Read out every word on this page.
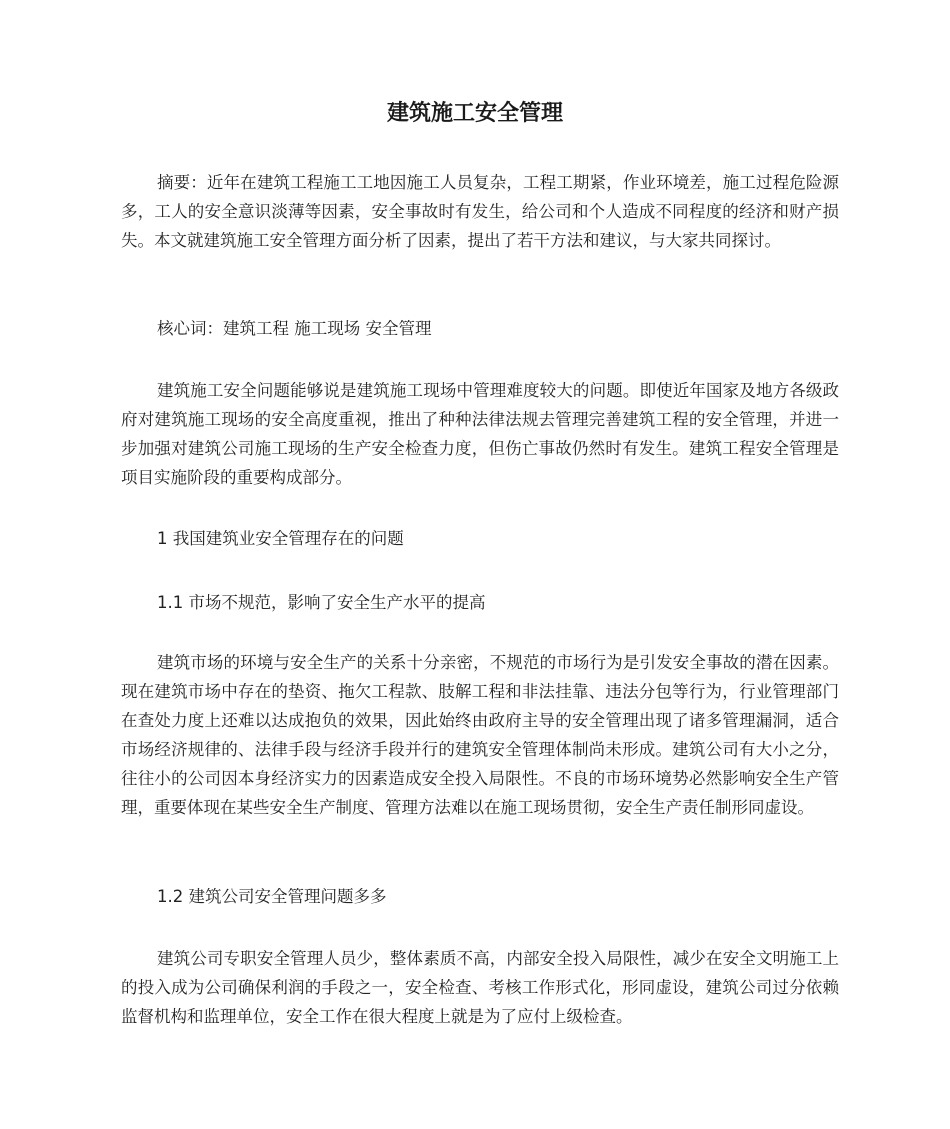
建筑施工安全管理

摘要：近年在建筑工程施工工地因施工人员复杂，工程工期紧，作业环境差，施工过程危险源多，工人的安全意识淡薄等因素，安全事故时有发生，给公司和个人造成不同程度的经济和财产损失。本文就建筑施工安全管理方面分析了因素，提出了若干方法和建议，与大家共同探讨。

核心词：建筑工程 施工现场 安全管理

建筑施工安全问题能够说是建筑施工现场中管理难度较大的问题。即使近年国家及地方各级政府对建筑施工现场的安全高度重视，推出了种种法律法规去管理完善建筑工程的安全管理，并进一步加强对建筑公司施工现场的生产安全检查力度，但伤亡事故仍然时有发生。建筑工程安全管理是项目实施阶段的重要构成部分。

1 我国建筑业安全管理存在的问题

1.1 市场不规范，影响了安全生产水平的提高

建筑市场的环境与安全生产的关系十分亲密，不规范的市场行为是引发安全事故的潜在因素。现在建筑市场中存在的垫资、拖欠工程款、肢解工程和非法挂靠、违法分包等行为，行业管理部门在查处力度上还难以达成抱负的效果，因此始终由政府主导的安全管理出现了诸多管理漏洞，适合市场经济规律的、法律手段与经济手段并行的建筑安全管理体制尚未形成。建筑公司有大小之分，往往小的公司因本身经济实力的因素造成安全投入局限性。不良的市场环境势必然影响安全生产管理，重要体现在某些安全生产制度、管理方法难以在施工现场贯彻，安全生产责任制形同虚设。

1.2 建筑公司安全管理问题多多

建筑公司专职安全管理人员少，整体素质不高，内部安全投入局限性，减少在安全文明施工上的投入成为公司确保利润的手段之一，安全检查、考核工作形式化，形同虚设，建筑公司过分依赖监督机构和监理单位，安全工作在很大程度上就是为了应付上级检查。
